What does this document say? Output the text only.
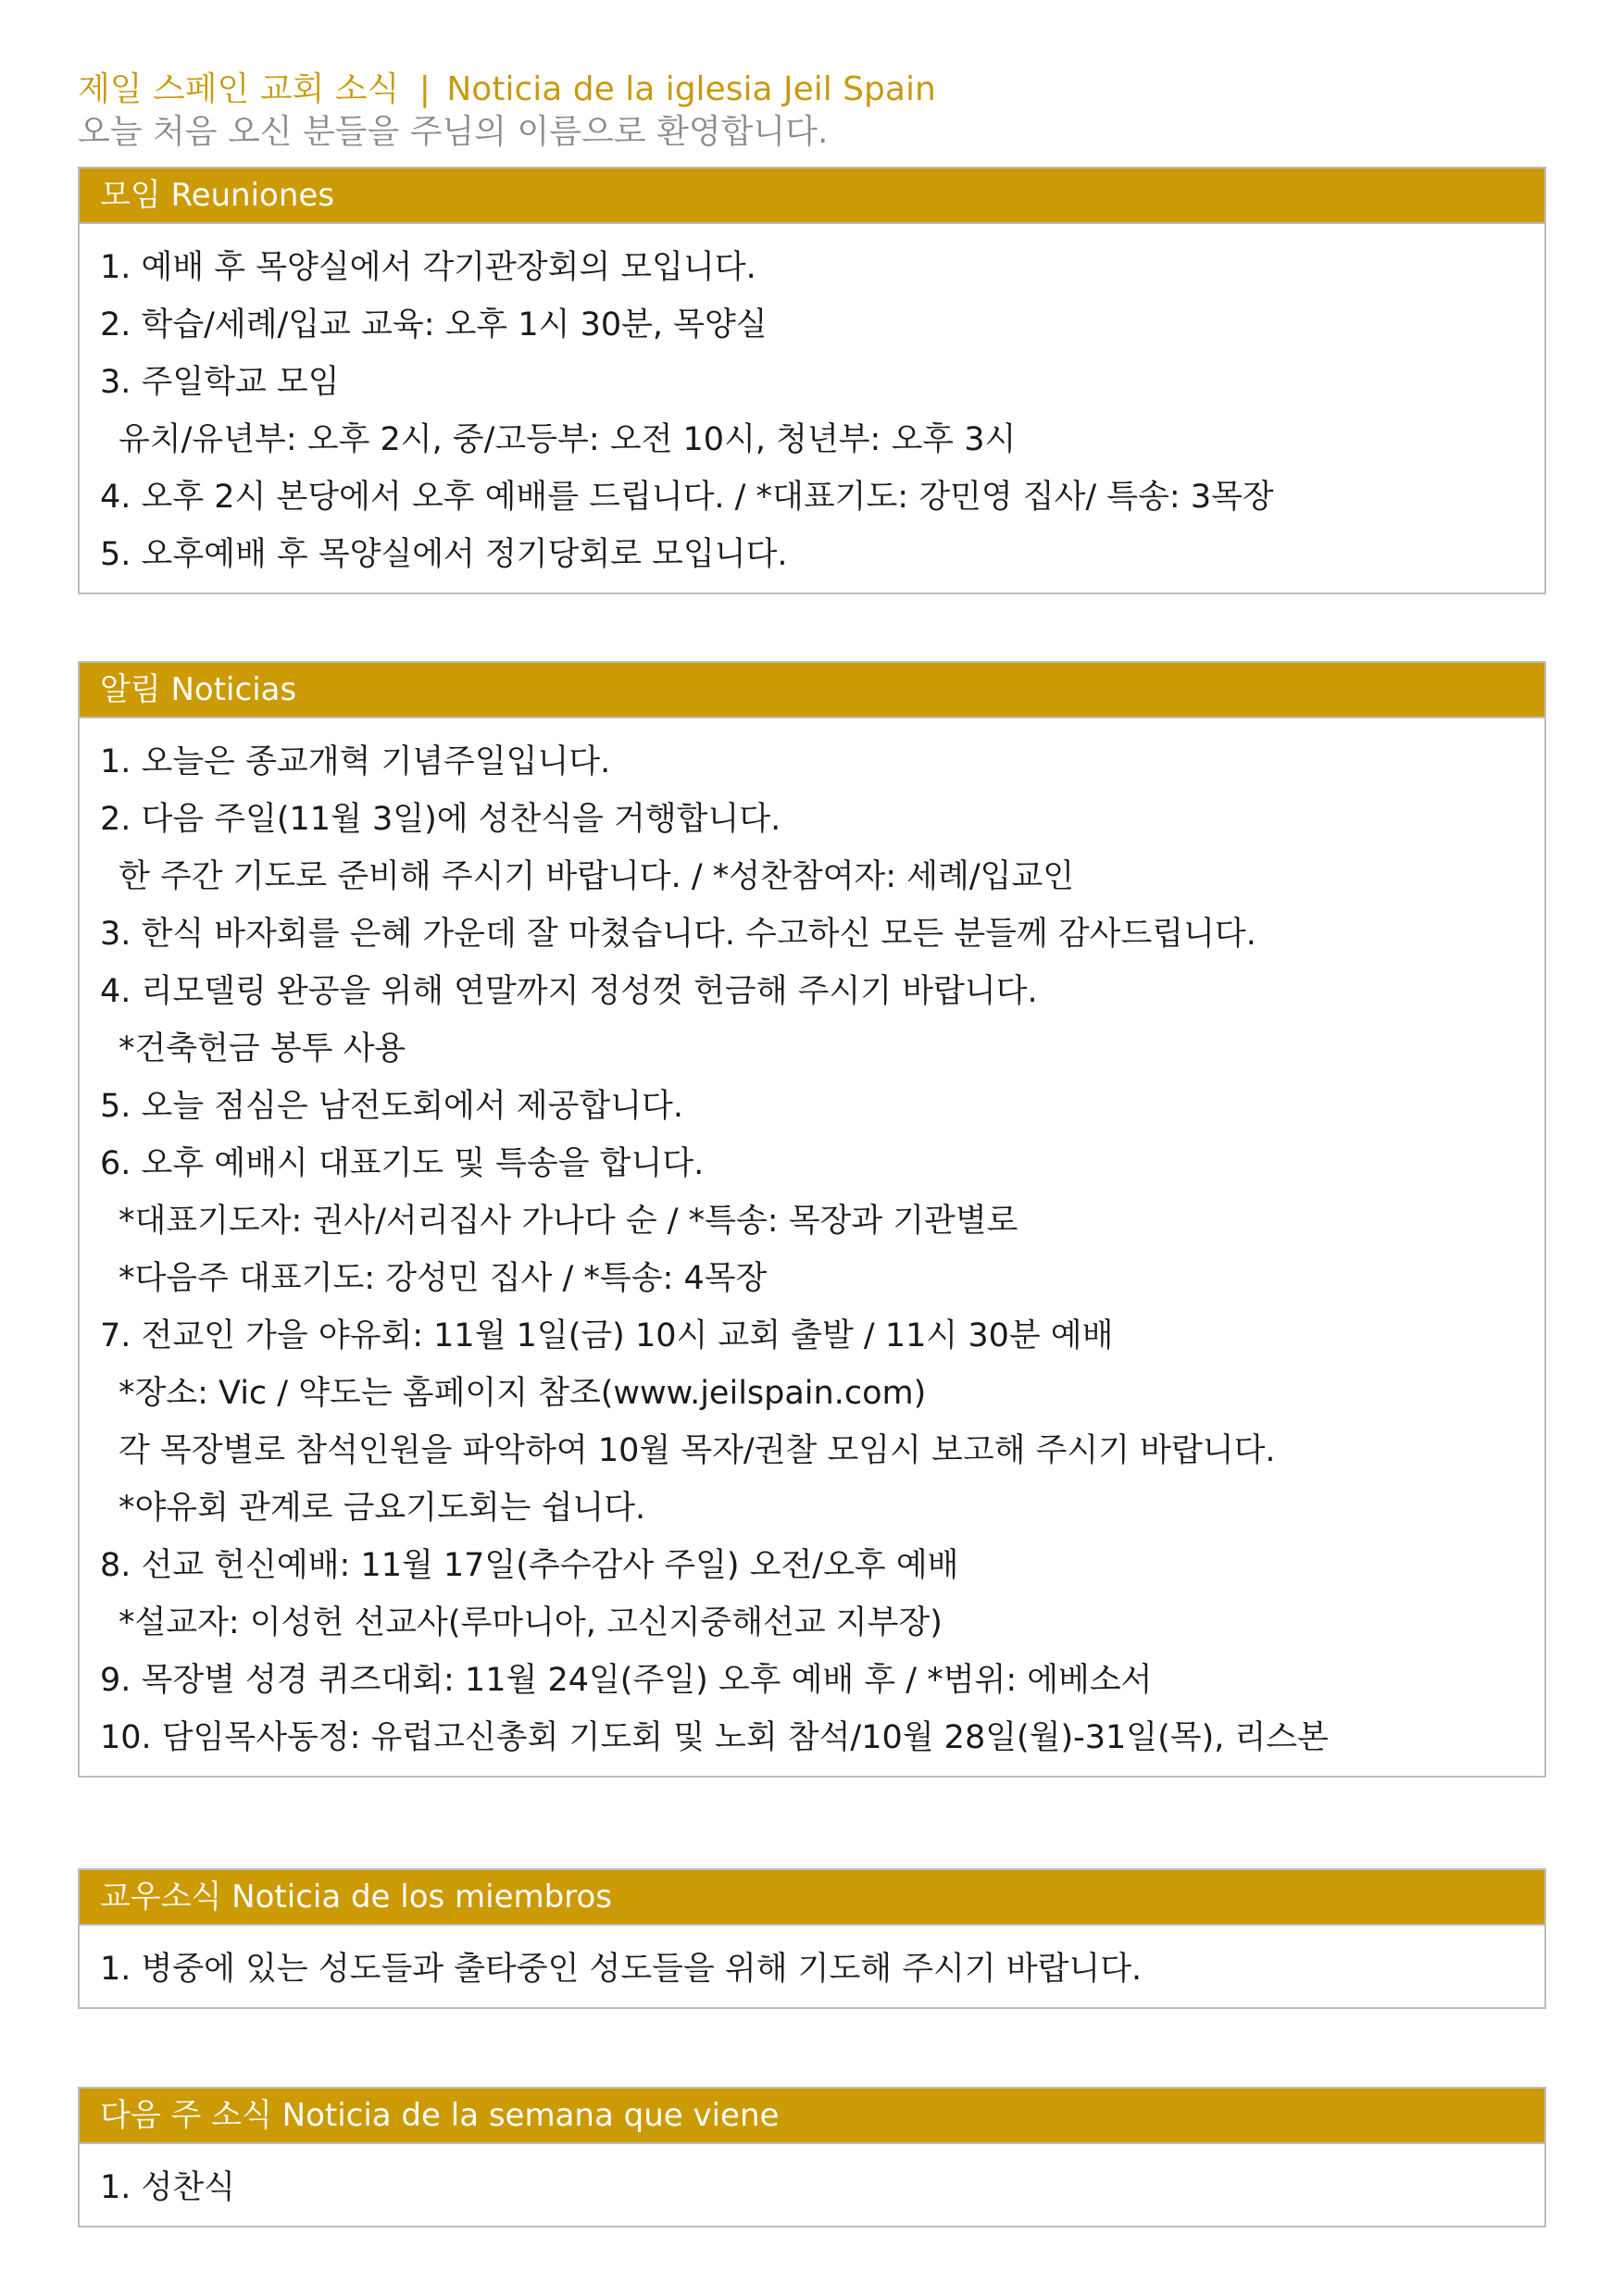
제일 스페인 교회 소식 | Noticia de la iglesia Jeil Spain
오늘 처음 오신 분들을 주님의 이름으로 환영합니다.
모임 Reuniones
1. 예배 후 목양실에서 각기관장회의 모입니다.
2. 학습/세례/입교 교육: 오후 1시 30분, 목양실
3. 주일학교 모임
유치/유년부: 오후 2시, 중/고등부: 오전 10시, 청년부: 오후 3시
4. 오후 2시 본당에서 오후 예배를 드립니다. / *대표기도: 강민영 집사/ 특송: 3목장
5. 오후예배 후 목양실에서 정기당회로 모입니다.
알림 Noticias
1. 오늘은 종교개혁 기념주일입니다.
2. 다음 주일(11월 3일)에 성찬식을 거행합니다.
한 주간 기도로 준비해 주시기 바랍니다. / *성찬참여자: 세례/입교인
3. 한식 바자회를 은혜 가운데 잘 마쳤습니다. 수고하신 모든 분들께 감사드립니다.
4. 리모델링 완공을 위해 연말까지 정성껏 헌금해 주시기 바랍니다.
*건축헌금 봉투 사용
5. 오늘 점심은 남전도회에서 제공합니다.
6. 오후 예배시 대표기도 및 특송을 합니다.
*대표기도자: 권사/서리집사 가나다 순 / *특송: 목장과 기관별로
*다음주 대표기도: 강성민 집사 / *특송: 4목장
7. 전교인 가을 야유회: 11월 1일(금) 10시 교회 출발 / 11시 30분 예배
*장소: Vic / 약도는 홈페이지 참조(www.jeilspain.com)
각 목장별로 참석인원을 파악하여 10월 목자/권찰 모임시 보고해 주시기 바랍니다.
*야유회 관계로 금요기도회는 쉽니다.
8. 선교 헌신예배: 11월 17일(추수감사 주일) 오전/오후 예배
*설교자: 이성헌 선교사(루마니아, 고신지중해선교 지부장)
9. 목장별 성경 퀴즈대회: 11월 24일(주일) 오후 예배 후 / *범위: 에베소서
10. 담임목사동정: 유럽고신총회 기도회 및 노회 참석/10월 28일(월)-31일(목), 리스본
교우소식 Noticia de los miembros
1. 병중에 있는 성도들과 출타중인 성도들을 위해 기도해 주시기 바랍니다.
다음 주 소식 Noticia de la semana que viene
1. 성찬식
